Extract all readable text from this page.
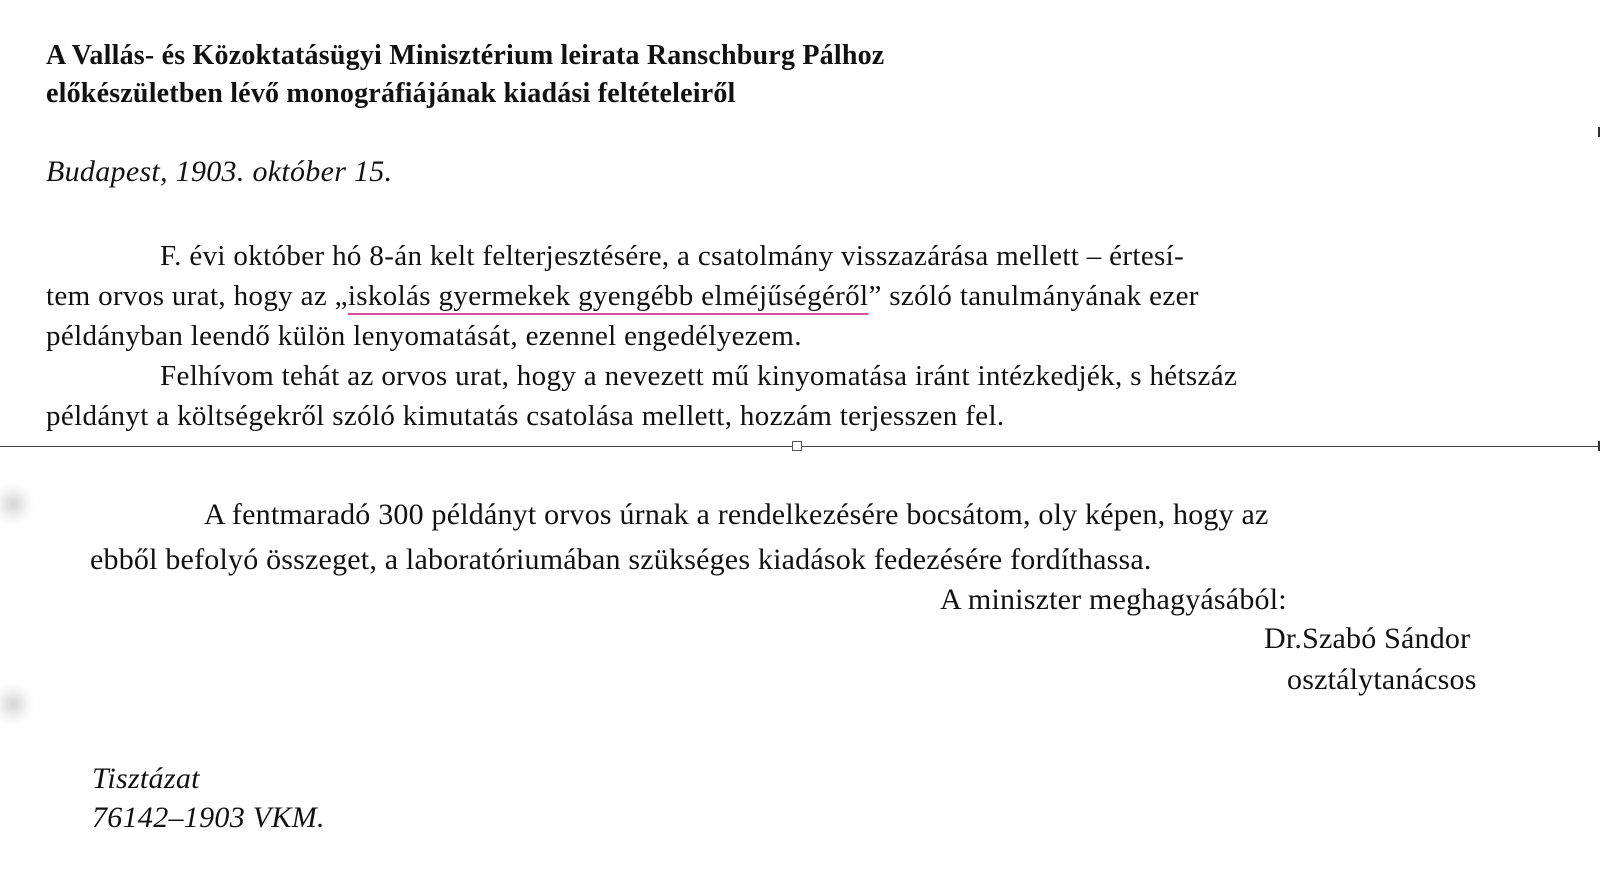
A Vallás- és Közoktatásügyi Minisztérium leirata Ranschburg Pálhoz

előkészületben lévő monográfiájának kiadási feltételeiről

Budapest, 1903. október 15.

F. évi október hó 8-án kelt felterjesztésére, a csatolmány visszazárása mellett – értesí-

tem orvos urat, hogy az „iskolás gyermekek gyengébb elméjűségéről” szóló tanulmányának ezer

példányban leendő külön lenyomatását, ezennel engedélyezem.

Felhívom tehát az orvos urat, hogy a nevezett mű kinyomatása iránt intézkedjék, s hétszáz

példányt a költségekről szóló kimutatás csatolása mellett, hozzám terjesszen fel.

A fentmaradó 300 példányt orvos úrnak a rendelkezésére bocsátom, oly képen, hogy az

ebből befolyó összeget, a laboratóriumában szükséges kiadások fedezésére fordíthassa.

A miniszter meghagyásából:

Dr.Szabó Sándor

osztálytanácsos

Tisztázat

76142–1903 VKM.
